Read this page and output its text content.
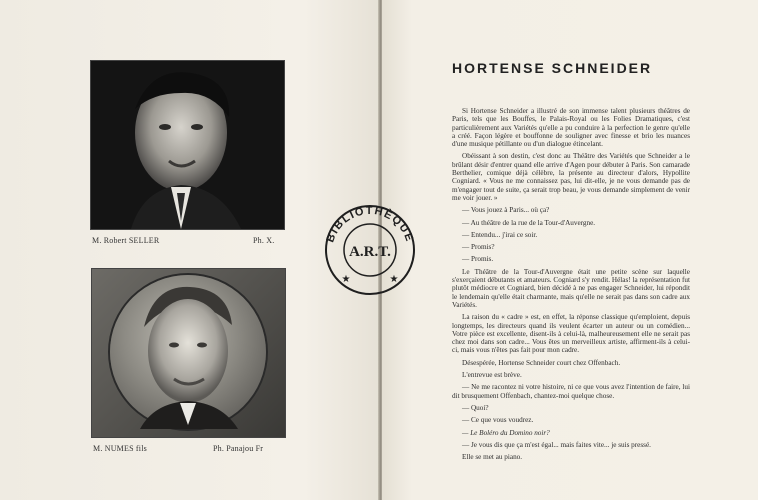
M. Robert SELLER	Ph. X.
M. NUMES fils	Ph. Panajou Fr
HORTENSE SCHNEIDER

Si Hortense Schneider a illustré de son immense talent plusieurs théâtres de Paris, tels que les Bouffes, le Palais-Royal ou les Folies Dramatiques, c'est particulièrement aux Variétés qu'elle a pu conduire à la perfection le genre qu'elle a créé. Façon légère et bouffonne de souligner avec finesse et brio les nuances d'une musique pétillante ou d'un dialogue étincelant.

Obéissant à son destin, c'est donc au Théâtre des Variétés que Schneider a le brûlant désir d'entrer quand elle arrive d'Agen pour débuter à Paris. Son camarade Berthelier, comique déjà célèbre, la présente au directeur d'alors, Hypollite Cogniard. « Vous ne me connaissez pas, lui dit-elle, je ne vous demande pas de m'engager tout de suite, ça serait trop beau, je vous demande simplement de venir me voir jouer. »

— Vous jouez à Paris... où ça?

— Au théâtre de la rue de la Tour-d'Auvergne.

— Entendu... j'irai ce soir.

— Promis?

— Promis.

Le Théâtre de la Tour-d'Auvergne était une petite scène sur laquelle s'exerçaient débutants et amateurs. Cogniard s'y rendit. Hélas! la représentation fut plutôt médiocre et Cogniard, bien décidé à ne pas engager Schneider, lui répondit le lendemain qu'elle était charmante, mais qu'elle ne serait pas dans son cadre aux Variétés.

La raison du « cadre » est, en effet, la réponse classique qu'emploient, depuis longtemps, les directeurs quand ils veulent écarter un auteur ou un comédien... Votre pièce est excellente, disent-ils à celui-là, malheureusement elle ne serait pas chez moi dans son cadre... Vous êtes un merveilleux artiste, affirment-ils à celui-ci, mais vous n'êtes pas fait pour mon cadre.

Désespérée, Hortense Schneider court chez Offenbach.

L'entrevue est brève.

— Ne me racontez ni votre histoire, ni ce que vous avez l'intention de faire, lui dit brusquement Offenbach, chantez-moi quelque chose.

— Quoi?

— Ce que vous voudrez.

— Le Boléro du Domino noir?

— Je vous dis que ça m'est égal... mais faites vite... je suis pressé.

Elle se met au piano.

BIBLIOTHÈQUE
A.R.T.
★	★
